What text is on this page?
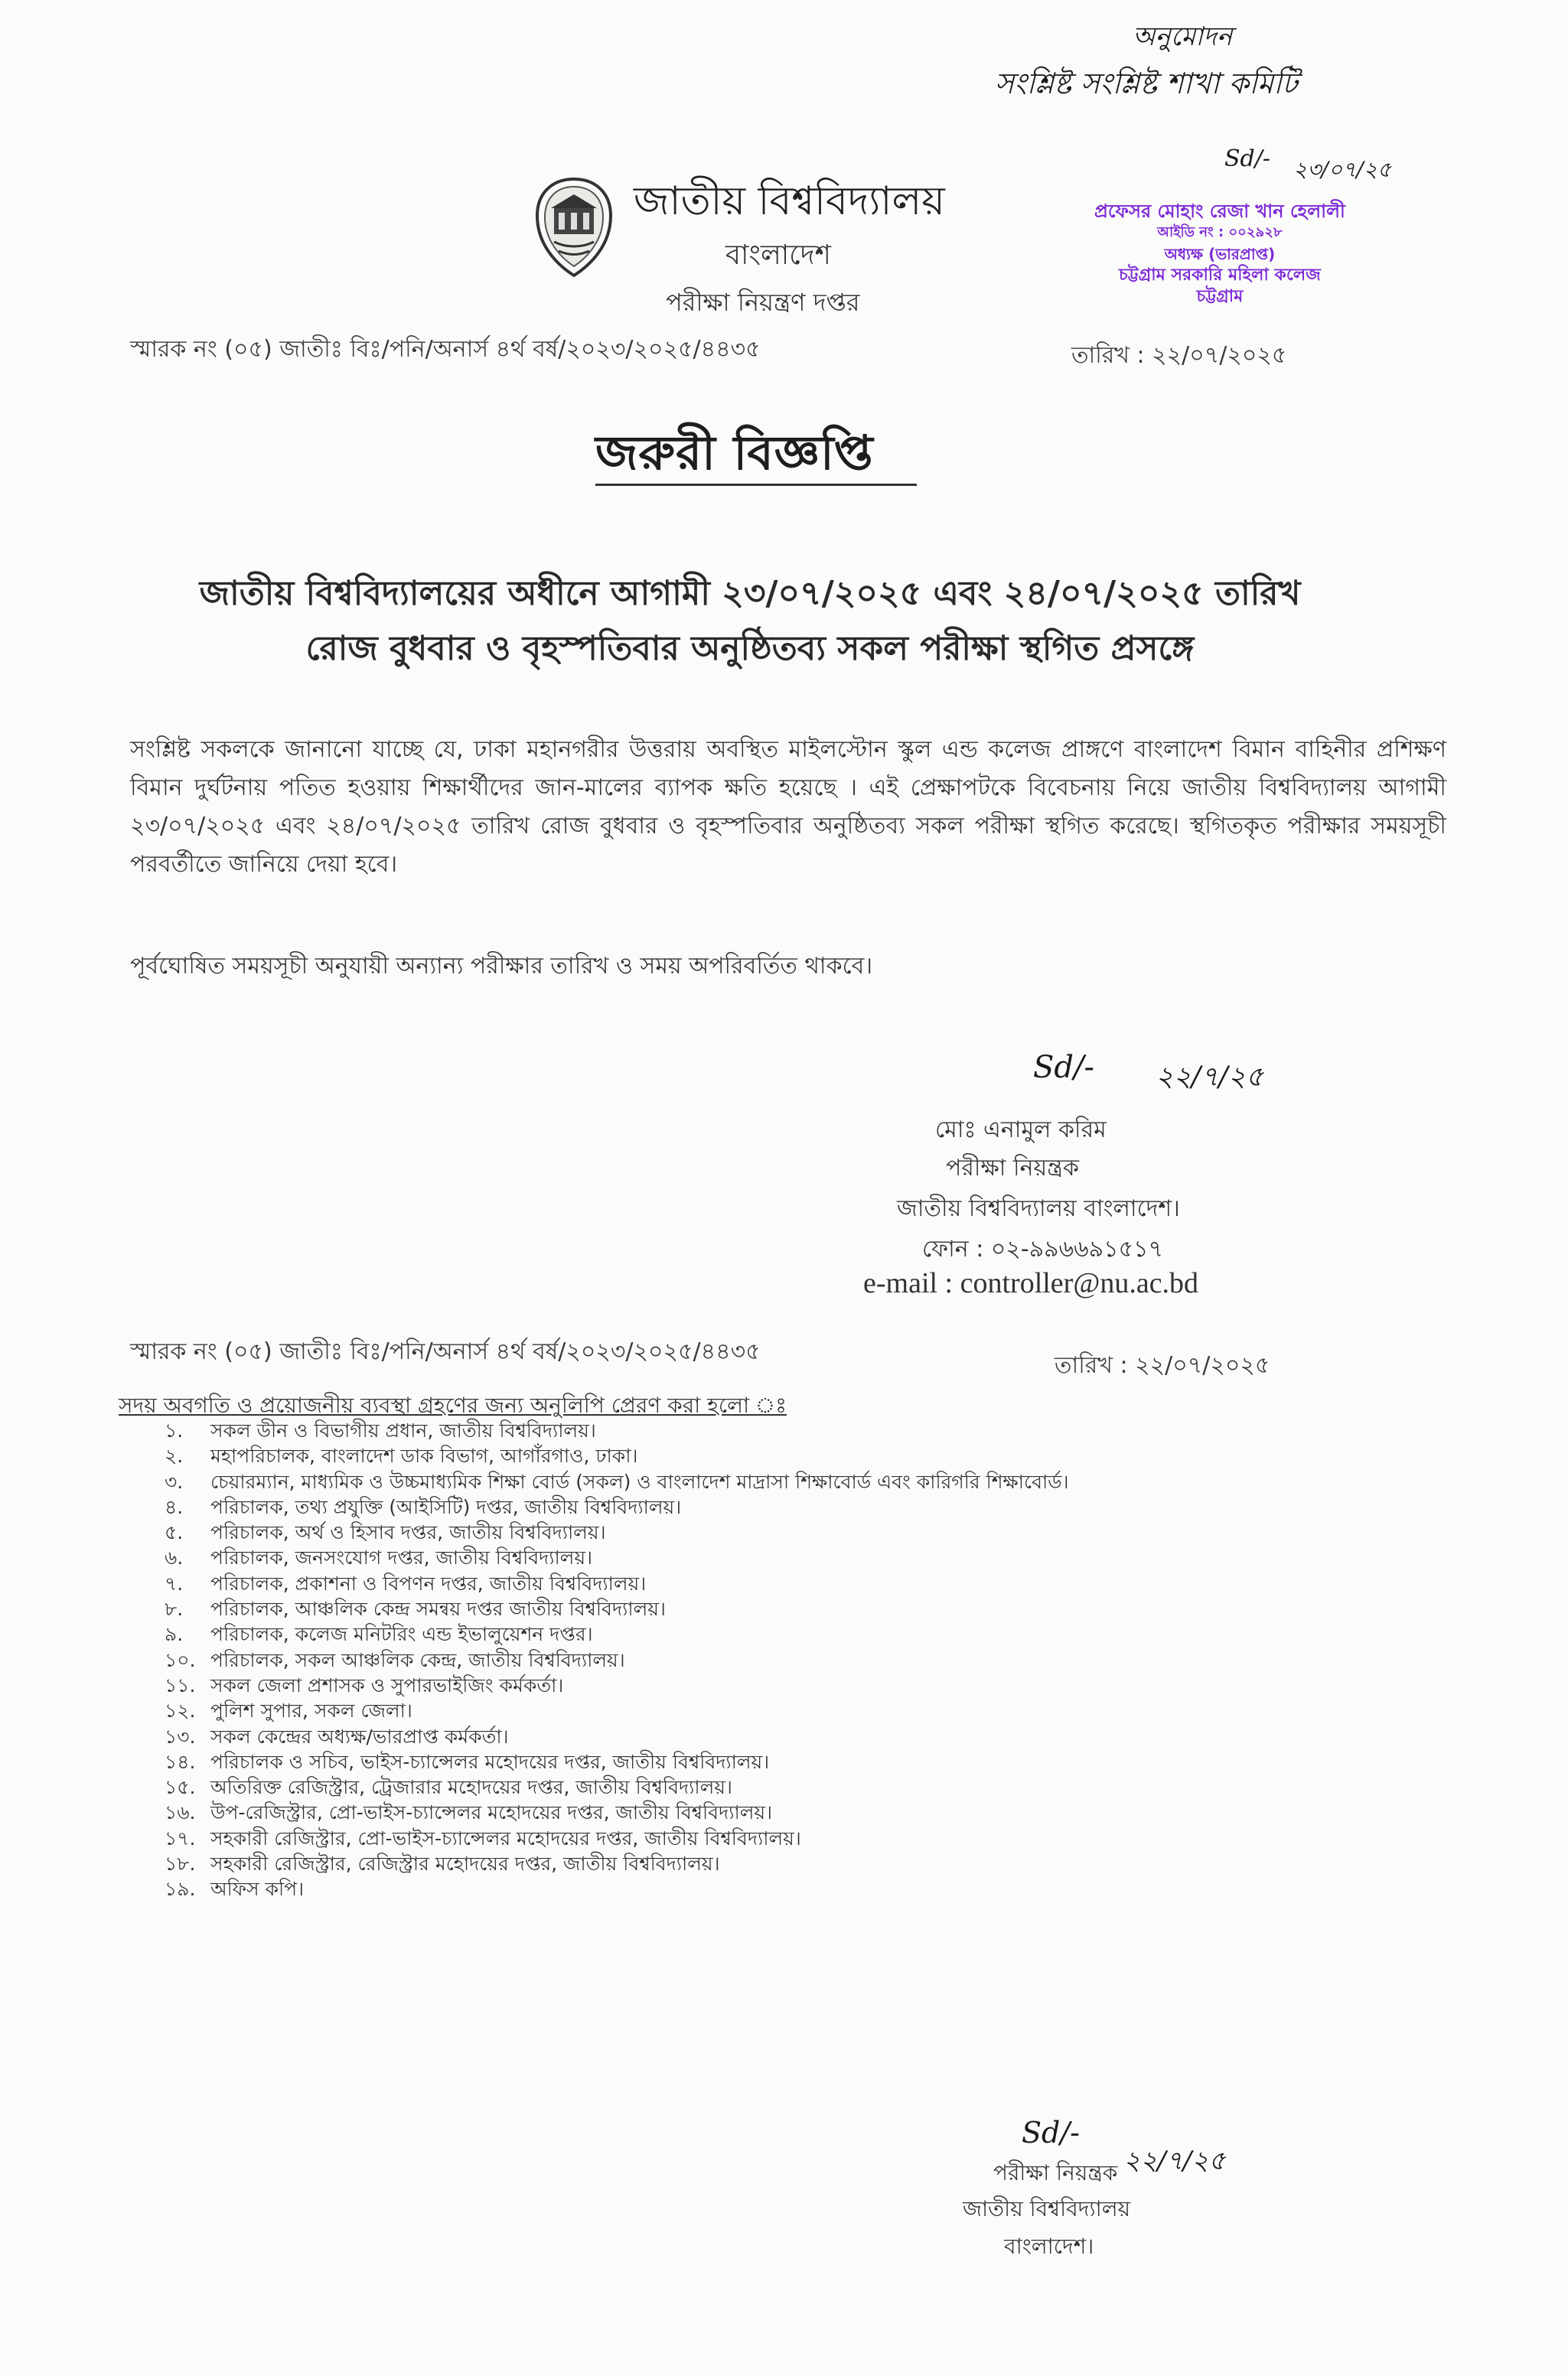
অনুমোদন
সংশ্লিষ্ট সংশ্লিষ্ট শাখা কমিটি
Sd/- ২৩/০৭/২৫
প্রফেসর মোহাং রেজা খান হেলালী
আইডি নং : ০০২৯২৮
অধ্যক্ষ (ভারপ্রাপ্ত)
চট্টগ্রাম সরকারি মহিলা কলেজ
চট্টগ্রাম
জাতীয় বিশ্ববিদ্যালয়
বাংলাদেশ
পরীক্ষা নিয়ন্ত্রণ দপ্তর
স্মারক নং (০৫) জাতীঃ বিঃ/পনি/অনার্স ৪র্থ বর্ষ/২০২৩/২০২৫/৪৪৩৫	তারিখ : ২২/০৭/২০২৫
জরুরী বিজ্ঞপ্তি
জাতীয় বিশ্ববিদ্যালয়ের অধীনে আগামী ২৩/০৭/২০২৫ এবং ২৪/০৭/২০২৫ তারিখ
রোজ বুধবার ও বৃহস্পতিবার অনুষ্ঠিতব্য সকল পরীক্ষা স্থগিত প্রসঙ্গে
সংশ্লিষ্ট সকলকে জানানো যাচ্ছে যে, ঢাকা মহানগরীর উত্তরায় অবস্থিত মাইলস্টোন স্কুল এন্ড কলেজ প্রাঙ্গণে বাংলাদেশ বিমান বাহিনীর প্রশিক্ষণ বিমান দুর্ঘটনায় পতিত হওয়ায় শিক্ষার্থীদের জান-মালের ব্যাপক ক্ষতি হয়েছে । এই প্রেক্ষাপটকে বিবেচনায় নিয়ে জাতীয় বিশ্ববিদ্যালয় আগামী ২৩/০৭/২০২৫ এবং ২৪/০৭/২০২৫ তারিখ রোজ বুধবার ও বৃহস্পতিবার অনুষ্ঠিতব্য সকল পরীক্ষা স্থগিত করেছে। স্থগিতকৃত পরীক্ষার সময়সূচী পরবর্তীতে জানিয়ে দেয়া হবে।
পূর্বঘোষিত সময়সূচী অনুযায়ী অন্যান্য পরীক্ষার তারিখ ও সময় অপরিবর্তিত থাকবে।
Sd/- ২২/৭/২৫
মোঃ এনামুল করিম
পরীক্ষা নিয়ন্ত্রক
জাতীয় বিশ্ববিদ্যালয় বাংলাদেশ।
ফোন : ০২-৯৯৬৬৯১৫১৭
e-mail : controller@nu.ac.bd
স্মারক নং (০৫) জাতীঃ বিঃ/পনি/অনার্স ৪র্থ বর্ষ/২০২৩/২০২৫/৪৪৩৫
তারিখ : ২২/০৭/২০২৫
সদয় অবগতি ও প্রয়োজনীয় ব্যবস্থা গ্রহণের জন্য অনুলিপি প্রেরণ করা হলো ঃ
১.	সকল ডীন ও বিভাগীয় প্রধান, জাতীয় বিশ্ববিদ্যালয়।
২.	মহাপরিচালক, বাংলাদেশ ডাক বিভাগ, আগাঁরগাও, ঢাকা।
৩.	চেয়ারম্যান, মাধ্যমিক ও উচ্চমাধ্যমিক শিক্ষা বোর্ড (সকল) ও বাংলাদেশ মাদ্রাসা শিক্ষাবোর্ড এবং কারিগরি শিক্ষাবোর্ড।
৪.	পরিচালক, তথ্য প্রযুক্তি (আইসিটি) দপ্তর, জাতীয় বিশ্ববিদ্যালয়।
৫.	পরিচালক, অর্থ ও হিসাব দপ্তর, জাতীয় বিশ্ববিদ্যালয়।
৬.	পরিচালক, জনসংযোগ দপ্তর, জাতীয় বিশ্ববিদ্যালয়।
৭.	পরিচালক, প্রকাশনা ও বিপণন দপ্তর, জাতীয় বিশ্ববিদ্যালয়।
৮.	পরিচালক, আঞ্চলিক কেন্দ্র সমন্বয় দপ্তর জাতীয় বিশ্ববিদ্যালয়।
৯.	পরিচালক, কলেজ মনিটরিং এন্ড ইভালুয়েশন দপ্তর।
১০. পরিচালক, সকল আঞ্চলিক কেন্দ্র, জাতীয় বিশ্ববিদ্যালয়।
১১. সকল জেলা প্রশাসক ও সুপারভাইজিং কর্মকর্তা।
১২. পুলিশ সুপার, সকল জেলা।
১৩. সকল কেন্দ্রের অধ্যক্ষ/ভারপ্রাপ্ত কর্মকর্তা।
১৪. পরিচালক ও সচিব, ভাইস-চ্যান্সেলর মহোদয়ের দপ্তর, জাতীয় বিশ্ববিদ্যালয়।
১৫. অতিরিক্ত রেজিস্ট্রার, ট্রেজারার মহোদয়ের দপ্তর, জাতীয় বিশ্ববিদ্যালয়।
১৬. উপ-রেজিস্ট্রার, প্রো-ভাইস-চ্যান্সেলর মহোদয়ের দপ্তর, জাতীয় বিশ্ববিদ্যালয়।
১৭. সহকারী রেজিস্ট্রার, প্রো-ভাইস-চ্যান্সেলর মহোদয়ের দপ্তর, জাতীয় বিশ্ববিদ্যালয়।
১৮. সহকারী রেজিস্ট্রার, রেজিস্ট্রার মহোদয়ের দপ্তর, জাতীয় বিশ্ববিদ্যালয়।
১৯. অফিস কপি।
Sd/-
২২/৭/২৫
পরীক্ষা নিয়ন্ত্রক
জাতীয় বিশ্ববিদ্যালয়
বাংলাদেশ।
